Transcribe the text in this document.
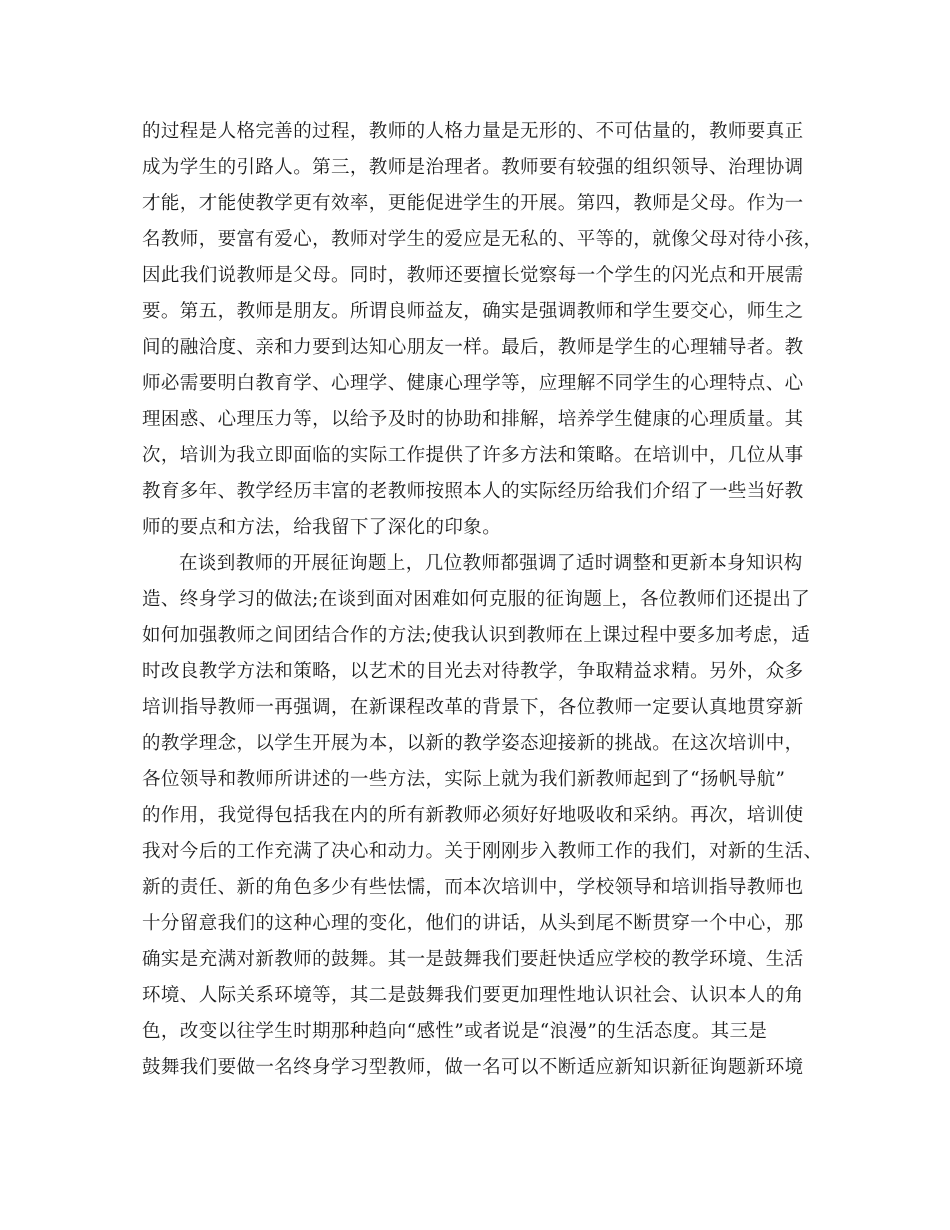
的过程是人格完善的过程，教师的人格力量是无形的、不可估量的，教师要真正
成为学生的引路人。第三，教师是治理者。教师要有较强的组织领导、治理协调
才能，才能使教学更有效率，更能促进学生的开展。第四，教师是父母。作为一
名教师，要富有爱心，教师对学生的爱应是无私的、平等的，就像父母对待小孩，
因此我们说教师是父母。同时，教师还要擅长觉察每一个学生的闪光点和开展需
要。第五，教师是朋友。所谓良师益友，确实是强调教师和学生要交心，师生之
间的融洽度、亲和力要到达知心朋友一样。最后，教师是学生的心理辅导者。教
师必需要明白教育学、心理学、健康心理学等，应理解不同学生的心理特点、心
理困惑、心理压力等，以给予及时的协助和排解，培养学生健康的心理质量。其
次，培训为我立即面临的实际工作提供了许多方法和策略。在培训中，几位从事
教育多年、教学经历丰富的老教师按照本人的实际经历给我们介绍了一些当好教
师的要点和方法，给我留下了深化的印象。
在谈到教师的开展征询题上，几位教师都强调了适时调整和更新本身知识构
造、终身学习的做法;在谈到面对困难如何克服的征询题上，各位教师们还提出了
如何加强教师之间团结合作的方法;使我认识到教师在上课过程中要多加考虑，适
时改良教学方法和策略，以艺术的目光去对待教学，争取精益求精。另外，众多
培训指导教师一再强调，在新课程改革的背景下，各位教师一定要认真地贯穿新
的教学理念，以学生开展为本，以新的教学姿态迎接新的挑战。在这次培训中，
各位领导和教师所讲述的一些方法，实际上就为我们新教师起到了“扬帆导航”
的作用，我觉得包括我在内的所有新教师必须好好地吸收和采纳。再次，培训使
我对今后的工作充满了决心和动力。关于刚刚步入教师工作的我们，对新的生活、
新的责任、新的角色多少有些怯懦，而本次培训中，学校领导和培训指导教师也
十分留意我们的这种心理的变化，他们的讲话，从头到尾不断贯穿一个中心，那
确实是充满对新教师的鼓舞。其一是鼓舞我们要赶快适应学校的教学环境、生活
环境、人际关系环境等，其二是鼓舞我们要更加理性地认识社会、认识本人的角
色，改变以往学生时期那种趋向“感性”或者说是“浪漫”的生活态度。其三是
鼓舞我们要做一名终身学习型教师，做一名可以不断适应新知识新征询题新环境
